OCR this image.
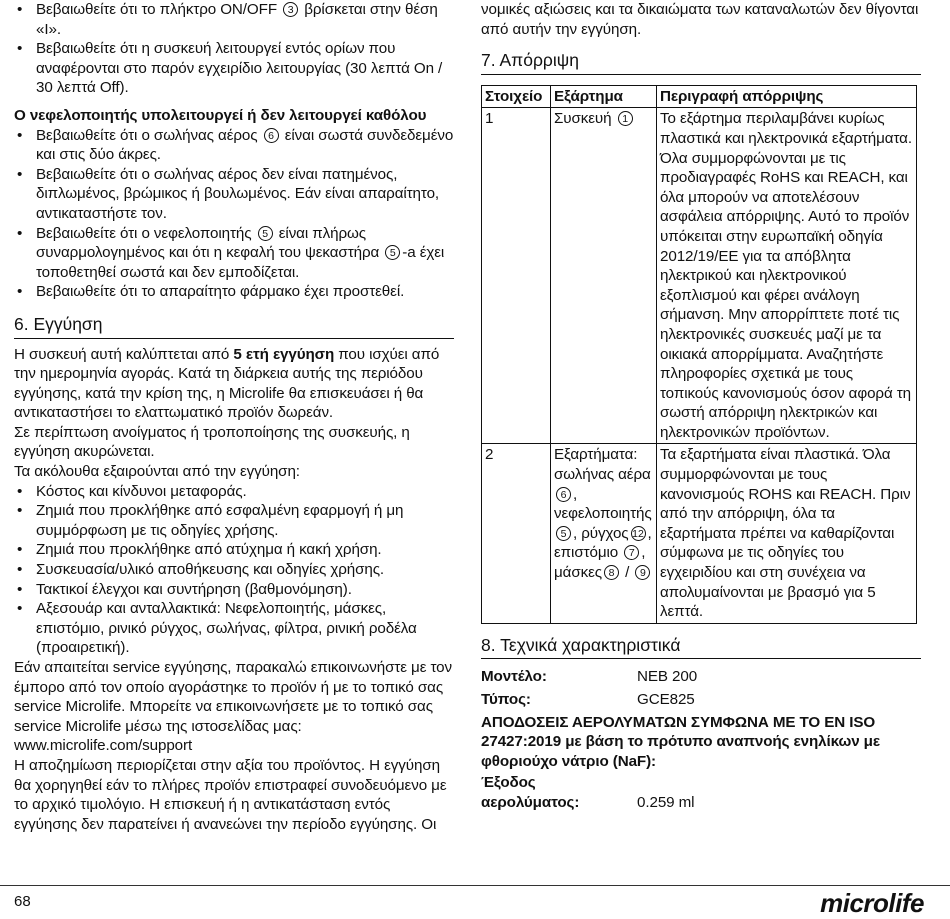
• Βεβαιωθείτε ότι το πλήκτρο ON/OFF 3 βρίσκεται στην θέση «I».
• Βεβαιωθείτε ότι η συσκευή λειτουργεί εντός ορίων που αναφέρονται στο παρόν εγχειρίδιο λειτουργίας (30 λεπτά On / 30 λεπτά Off).
Ο νεφελοποιητής υπολειτουργεί ή δεν λειτουργεί καθόλου
• Βεβαιωθείτε ότι ο σωλήνας αέρος 6 είναι σωστά συνδεδεμένο και στις δύο άκρες.
• Βεβαιωθείτε ότι ο σωλήνας αέρος δεν είναι πατημένος, διπλωμένος, βρώμικος ή βουλωμένος. Εάν είναι απαραίτητο, αντικαταστήστε τον.
• Βεβαιωθείτε ότι ο νεφελοποιητής 5 είναι πλήρως συναρμολογημένος και ότι η κεφαλή του ψεκαστήρα 5 -a έχει τοποθετηθεί σωστά και δεν εμποδίζεται.
• Βεβαιωθείτε ότι το απαραίτητο φάρμακο έχει προστεθεί.
6. Εγγύηση

Η συσκευή αυτή καλύπτεται από 5 ετή εγγύηση που ισχύει από την ημερομηνία αγοράς. Κατά τη διάρκεια αυτής της περιόδου εγγύησης, κατά την κρίση της, η Microlife θα επισκευάσει ή θα αντικαταστήσει το ελαττωματικό προϊόν δωρεάν.

Σε περίπτωση ανοίγματος ή τροποποίησης της συσκευής, η εγγύηση ακυρώνεται.

Τα ακόλουθα εξαιρούνται από την εγγύηση:

• Κόστος και κίνδυνοι μεταφοράς.
• Ζημιά που προκλήθηκε από εσφαλμένη εφαρμογή ή μη συμμόρφωση με τις οδηγίες χρήσης.
• Ζημιά που προκλήθηκε από ατύχημα ή κακή χρήση.
• Συσκευασία/υλικό αποθήκευσης και οδηγίες χρήσης.
• Τακτικοί έλεγχοι και συντήρηση (βαθμονόμηση).
• Αξεσουάρ και ανταλλακτικά: Νεφελοποιητής, μάσκες, επιστόμιο, ρινικό ρύγχος, σωλήνας, φίλτρα, ρινική ροδέλα (προαιρετική).

Εάν απαιτείται service εγγύησης, παρακαλώ επικοινωνήστε με τον έμπορο από τον οποίο αγοράστηκε το προϊόν ή με το τοπικό σας service Microlife. Μπορείτε να επικοινωνήσετε με το τοπικό σας service Microlife μέσω της ιστοσελίδας μας:

www.microlife.com/support

Η αποζημίωση περιορίζεται στην αξία του προϊόντος. Η εγγύηση θα χορηγηθεί εάν το πλήρες προϊόν επιστραφεί συνοδευόμενο με το αρχικό τιμολόγιο. Η επισκευή ή η αντικατάσταση εντός εγγύησης δεν παρατείνει ή ανανεώνει την περίοδο εγγύησης. Οι

νομικές αξιώσεις και τα δικαιώματα των καταναλωτών δεν θίγονται από αυτήν την εγγύηση.

7. Απόρριψη
Στοιχείο	Εξάρτημα	Περιγραφή απόρριψης
1	Συσκευή 1	Το εξάρτημα περιλαμβάνει κυρίως πλαστικά και ηλεκτρονικά εξαρτήματα. Όλα συμμορφώνονται με τις προδιαγραφές RoHS και REACH, και όλα μπορούν να αποτελέσουν ασφάλεια απόρριψης. Αυτό το προϊόν υπόκειται στην ευρωπαϊκή οδηγία 2012/19/EE για τα απόβλητα ηλεκτρικού και ηλεκτρονικού εξοπλισμού και φέρει ανάλογη σήμανση. Μην απορρίπτετε ποτέ τις ηλεκτρονικές συσκευές μαζί με τα οικιακά απορρίμματα. Αναζητήστε πληροφορίες σχετικά με τους τοπικούς κανονισμούς όσον αφορά τη σωστή απόρριψη ηλεκτρικών και ηλεκτρονικών προϊόντων.
2	Εξαρτήματα: σωλήνας αέρα 6 , νεφελοποιητής 5 , ρύγχος 12 , επιστόμιο 7 , μάσκες 8 / 9	Τα εξαρτήματα είναι πλαστικά. Όλα συμμορφώνονται με τους κανονισμούς ROHS και REACH. Πριν από την απόρριψη, όλα τα εξαρτήματα πρέπει να καθαρίζονται σύμφωνα με τις οδηγίες του εγχειριδίου και στη συνέχεια να απολυμαίνονται με βρασμό για 5 λεπτά.
8. Τεχνικά χαρακτηριστικά
Μοντέλο:	NEB 200
Τύπος:	GCE825

ΑΠΟΔΟΣΕΙΣ ΑΕΡΟΛΥΜΑΤΩΝ ΣΥΜΦΩΝΑ ΜΕ ΤΟ EN ISO 27427:2019 με βάση το πρότυπο αναπνοής ενηλίκων με φθοριούχο νάτριο (NaF):

Έξοδος
αερολύματος:	0.259 ml
68	microlife
